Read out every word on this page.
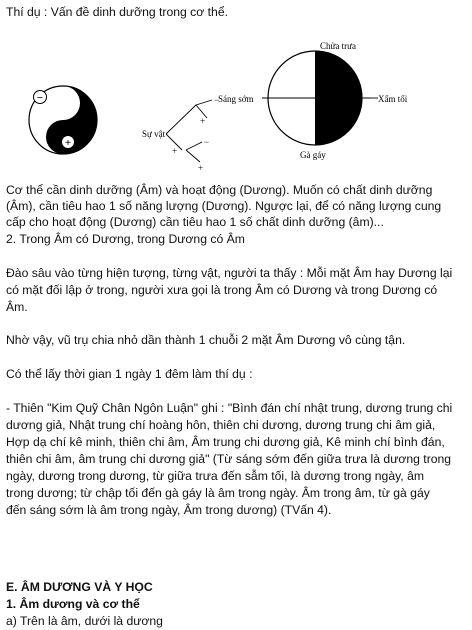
Thí dụ : Vấn đề dinh dưỡng trong cơ thể.
−
+
Sự vật
−
+
+
−
+
Chửa trưa
Sáng sớm	Xẩm tối
Gà gáy
Cơ thể cần dinh dưỡng (Âm) và hoạt động (Dương). Muốn có chất dinh dưỡng
(Âm), cần tiêu hao 1 số năng lượng (Dương). Ngược lại, để có năng lượng cung
cấp cho hoạt động (Dương) cần tiêu hao 1 số chất dinh dưỡng (âm)...
2. Trong Âm có Dương, trong Dương có Âm
Đào sâu vào từng hiện tượng, từng vật, người ta thấy : Mỗi mặt Âm hay Dương lại
có mặt đối lập ở trong, người xưa gọi là trong Âm có Dương và trong Dương có
Âm.
Nhờ vậy, vũ trụ chia nhỏ dần thành 1 chuỗi 2 mặt Âm Dương vô cùng tận.
Có thể lấy thời gian 1 ngày 1 đêm làm thí dụ :
- Thiên "Kim Quỹ Chân Ngôn Luận" ghi : "Bình đán chí nhật trung, dương trung chi
dương giả, Nhật trung chí hoàng hôn, thiên chi dương, dương trung chi âm giả,
Hợp dạ chí kê minh, thiên chi âm, Âm trung chi dương giả, Kê minh chí bình đán,
thiên chi âm, âm trung chi dương giả" (Từ sáng sớm đến giữa trưa là dương trong
ngày, dương trong dương, từ giữa trưa đến sẫm tối, là dương trong ngày, âm
trong dương; từ chập tối đến gà gáy là âm trong ngày. Âm trong âm, từ gà gáy
đến sáng sớm là âm trong ngày, Âm trong dương) (TVấn 4).
E. ÂM DƯƠNG VÀ Y HỌC
1. Âm dương và cơ thể
a) Trên là âm, dưới là dương
